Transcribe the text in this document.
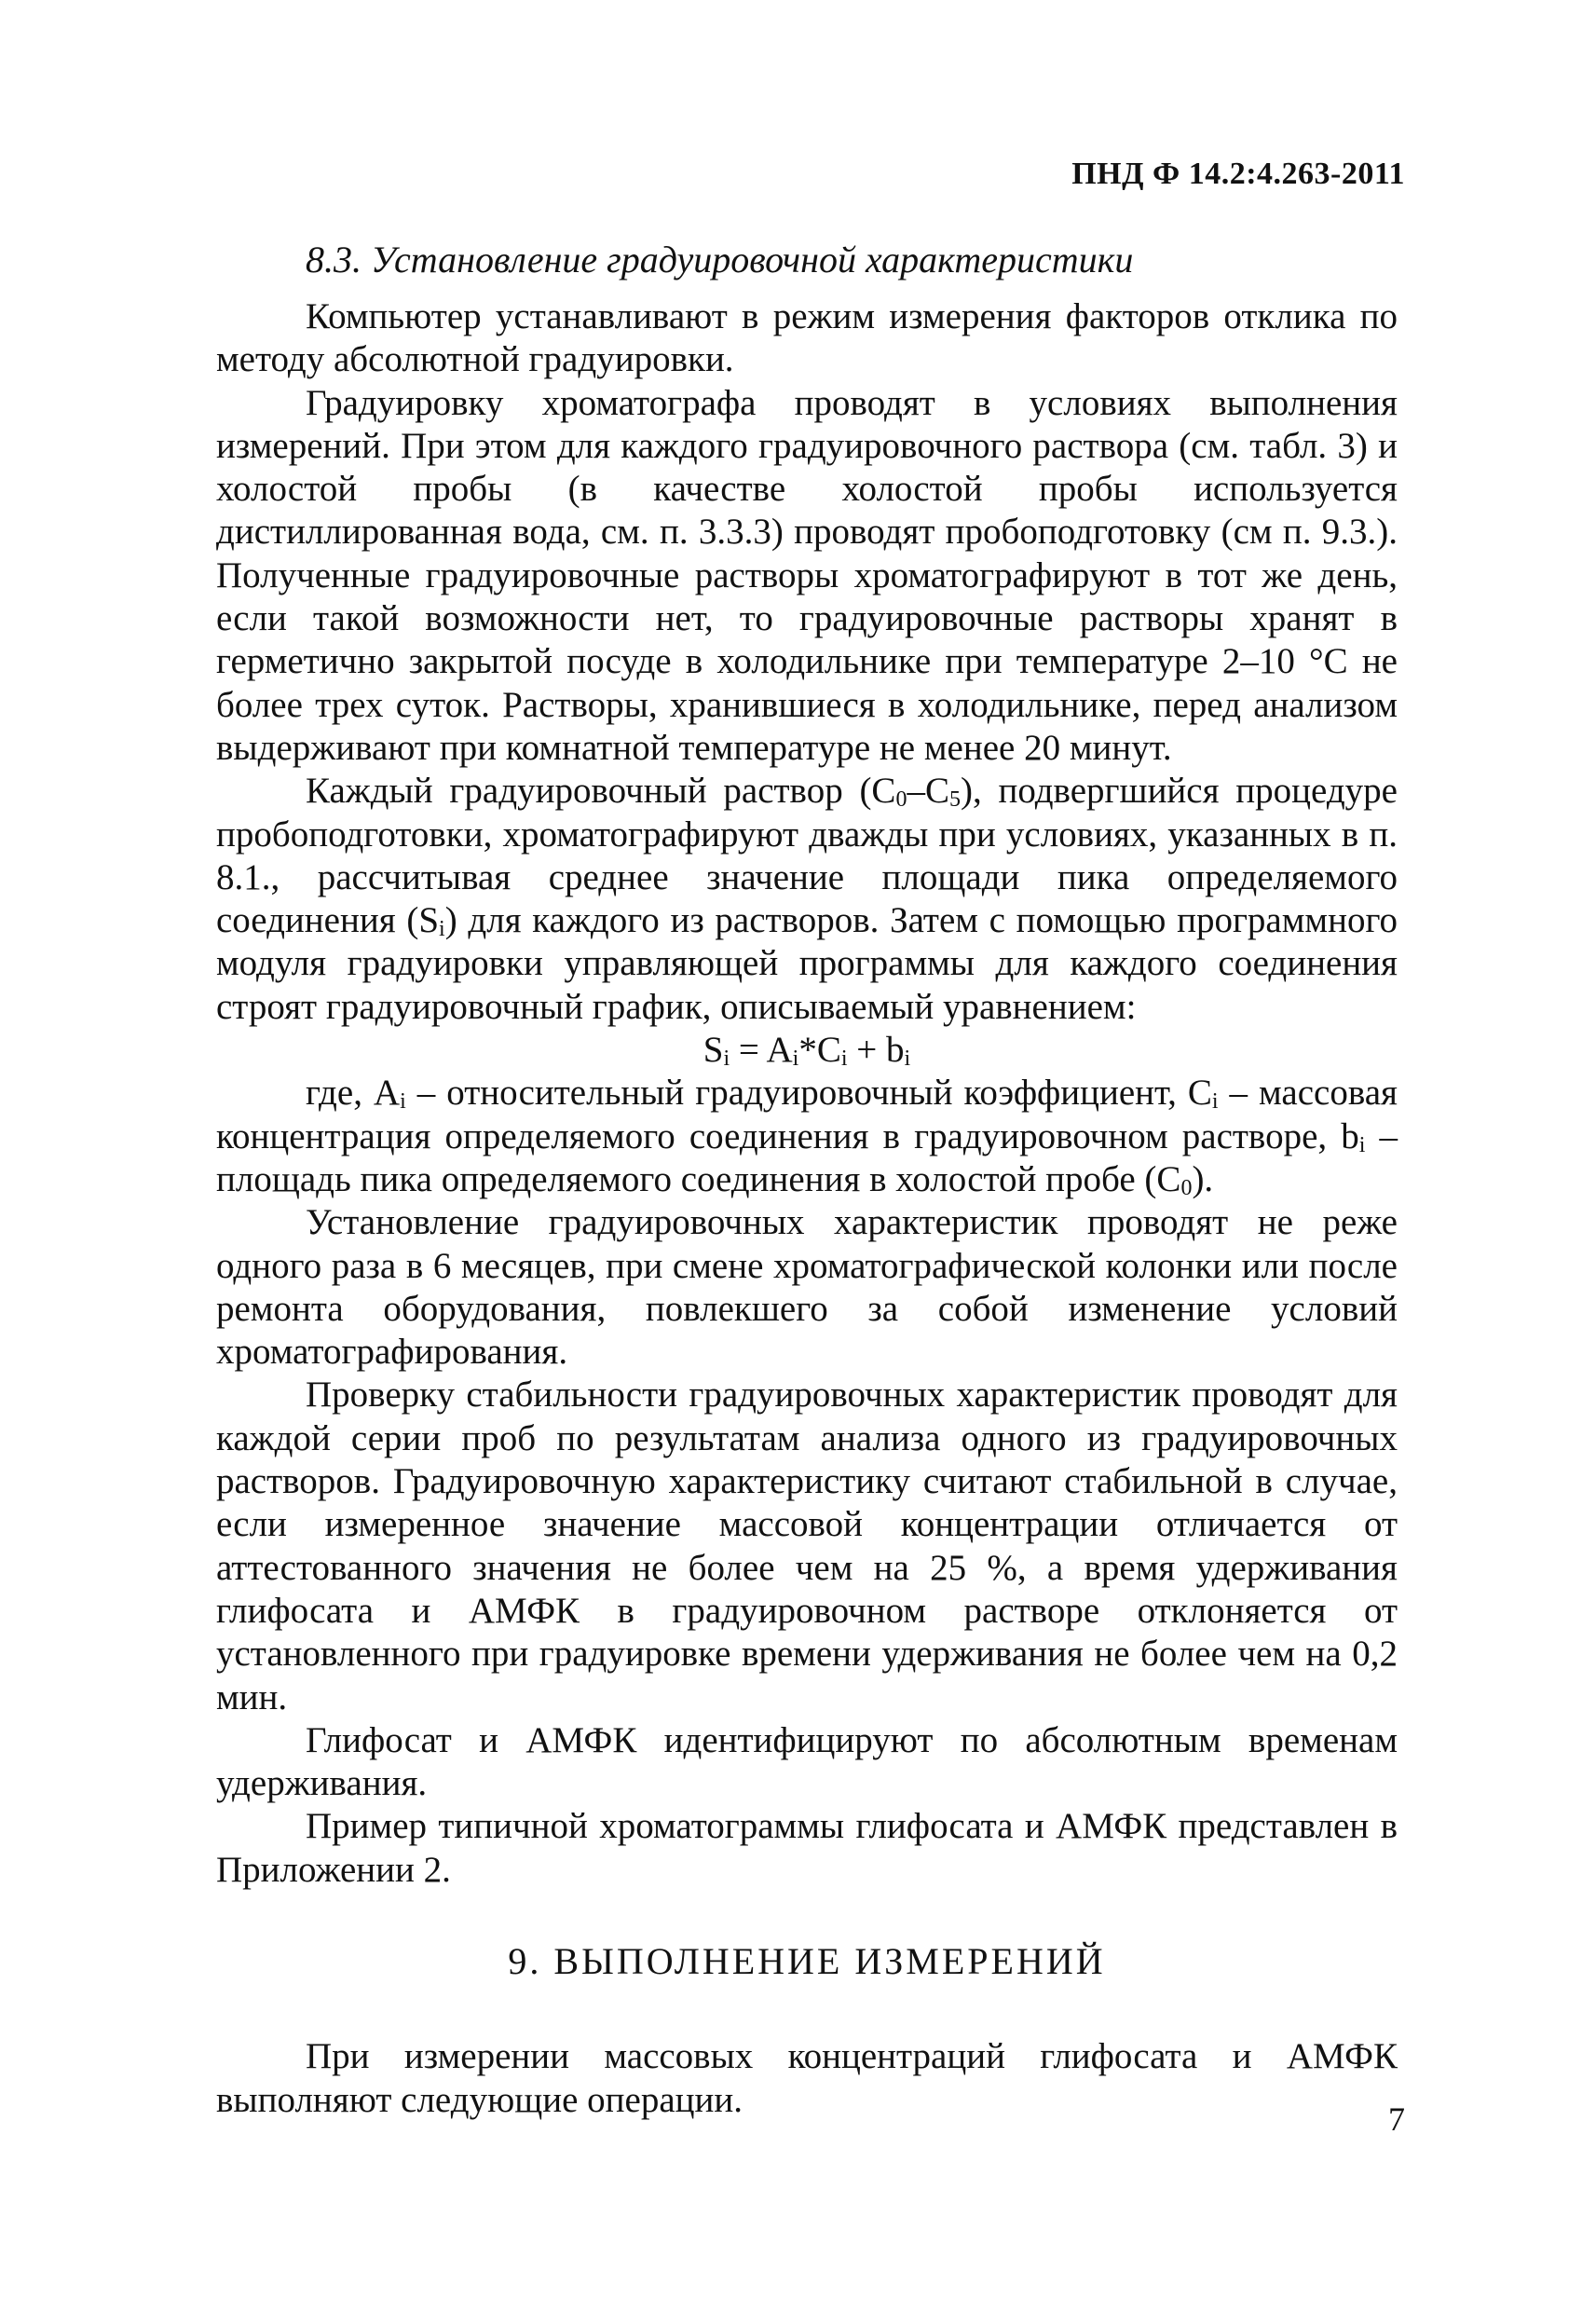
ПНД Ф 14.2:4.263-2011
8.3. Установление градуировочной характеристики

Компьютер устанавливают в режим измерения факторов отклика по методу абсолютной градуировки.

Градуировку хроматографа проводят в условиях выполнения измерений. При этом для каждого градуировочного раствора (см. табл. 3) и холостой пробы (в качестве холостой пробы используется дистиллированная вода, см. п. 3.3.3) проводят пробоподготовку (см п. 9.3.). Полученные градуировочные растворы хроматографируют в тот же день, если такой возможности нет, то градуировочные растворы хранят в герметично закрытой посуде в холодильнике при температуре 2–10 °С не более трех суток. Растворы, хранившиеся в холодильнике, перед анализом выдерживают при комнатной температуре не менее 20 минут.

Каждый градуировочный раствор $(С_0-С_5)$, подвергшийся процедуре пробоподготовки, хроматографируют дважды при условиях, указанных в п. 8.1., рассчитывая среднее значение площади пика определяемого соединения $(S_i)$ для каждого из растворов. Затем с помощью программного модуля градуировки управляющей программы для каждого соединения строят градуировочный график, описываемый уравнением:

$S_i = A_i*C_i + b_i$

где, $A_i$ – относительный градуировочный коэффициент, $C_i$ – массовая концентрация определяемого соединения в градуировочном растворе, $b_i$ – площадь пика определяемого соединения в холостой пробе $(С_0)$.

Установление градуировочных характеристик проводят не реже одного раза в 6 месяцев, при смене хроматографической колонки или после ремонта оборудования, повлекшего за собой изменение условий хроматографирования.

Проверку стабильности градуировочных характеристик проводят для каждой серии проб по результатам анализа одного из градуировочных растворов. Градуировочную характеристику считают стабильной в случае, если измеренное значение массовой концентрации отличается от аттестованного значения не более чем на 25 %, а время удерживания глифосата и АМФК в градуировочном растворе отклоняется от установленного при градуировке времени удерживания не более чем на 0,2 мин.

Глифосат и АМФК идентифицируют по абсолютным временам удерживания.

Пример типичной хроматограммы глифосата и АМФК представлен в Приложении 2.

9. ВЫПОЛНЕНИЕ ИЗМЕРЕНИЙ

При измерении массовых концентраций глифосата и АМФК выполняют следующие операции.	7
